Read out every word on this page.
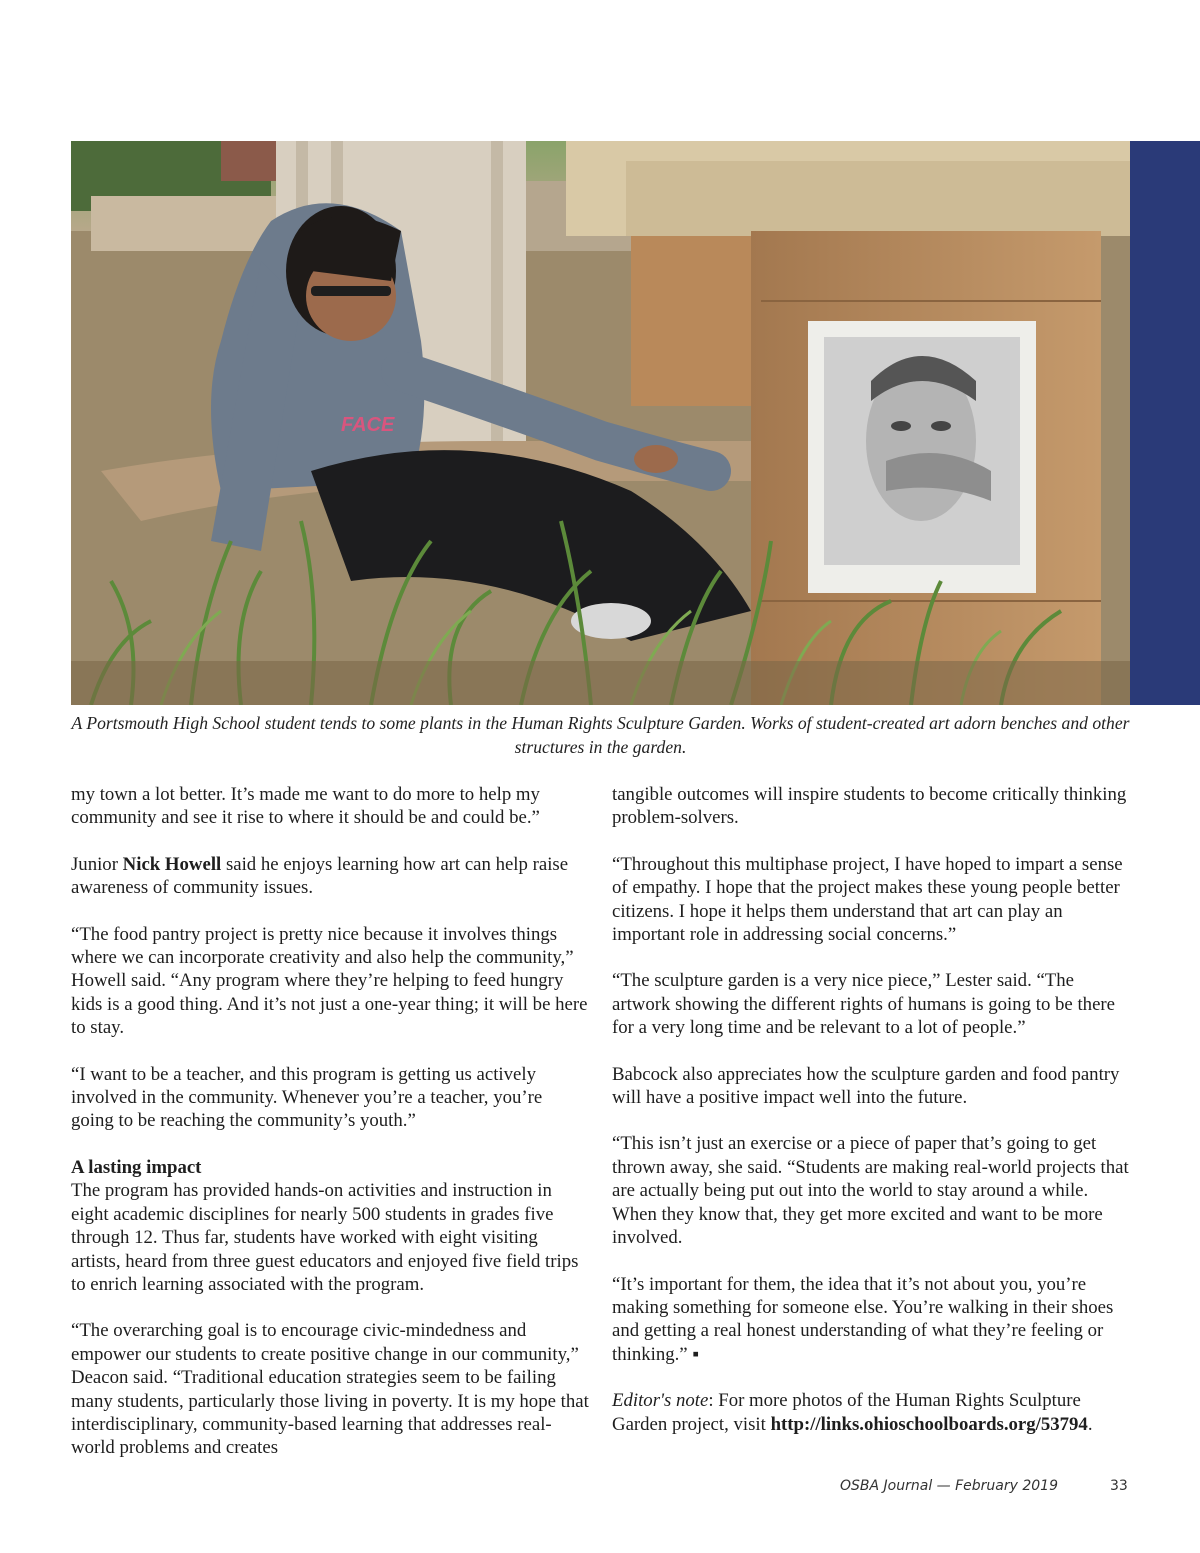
FACE
A Portsmouth High School student tends to some plants in the Human Rights Sculpture Garden. Works of student-created art adorn benches and other structures in the garden.

my town a lot better. It’s made me want to do more to help my community and see it rise to where it should be and could be.”

Junior Nick Howell said he enjoys learning how art can help raise awareness of community issues.

“The food pantry project is pretty nice because it involves things where we can incorporate creativity and also help the community,” Howell said. “Any program where they’re helping to feed hungry kids is a good thing. And it’s not just a one-year thing; it will be here to stay.

“I want to be a teacher, and this program is getting us actively involved in the community. Whenever you’re a teacher, you’re going to be reaching the community’s youth.”

A lasting impact

The program has provided hands-on activities and instruction in eight academic disciplines for nearly 500 students in grades five through 12. Thus far, students have worked with eight visiting artists, heard from three guest educators and enjoyed five field trips to enrich learning associated with the program.

“The overarching goal is to encourage civic-mindedness and empower our students to create positive change in our community,” Deacon said. “Traditional education strategies seem to be failing many students, particularly those living in poverty. It is my hope that interdisciplinary, community-based learning that addresses real-world problems and creates

tangible outcomes will inspire students to become critically thinking problem-solvers.

“Throughout this multiphase project, I have hoped to impart a sense of empathy. I hope that the project makes these young people better citizens. I hope it helps them understand that art can play an important role in addressing social concerns.”

“The sculpture garden is a very nice piece,” Lester said. “The artwork showing the different rights of humans is going to be there for a very long time and be relevant to a lot of people.”

Babcock also appreciates how the sculpture garden and food pantry will have a positive impact well into the future.

“This isn’t just an exercise or a piece of paper that’s going to get thrown away, she said. “Students are making real-world projects that are actually being put out into the world to stay around a while. When they know that, they get more excited and want to be more involved.

“It’s important for them, the idea that it’s not about you, you’re making something for someone else. You’re walking in their shoes and getting a real honest understanding of what they’re feeling or thinking.” ▪

Editor's note: For more photos of the Human Rights Sculpture Garden project, visit http://links.ohioschoolboards.org/53794.

OSBA Journal — February 2019	33
